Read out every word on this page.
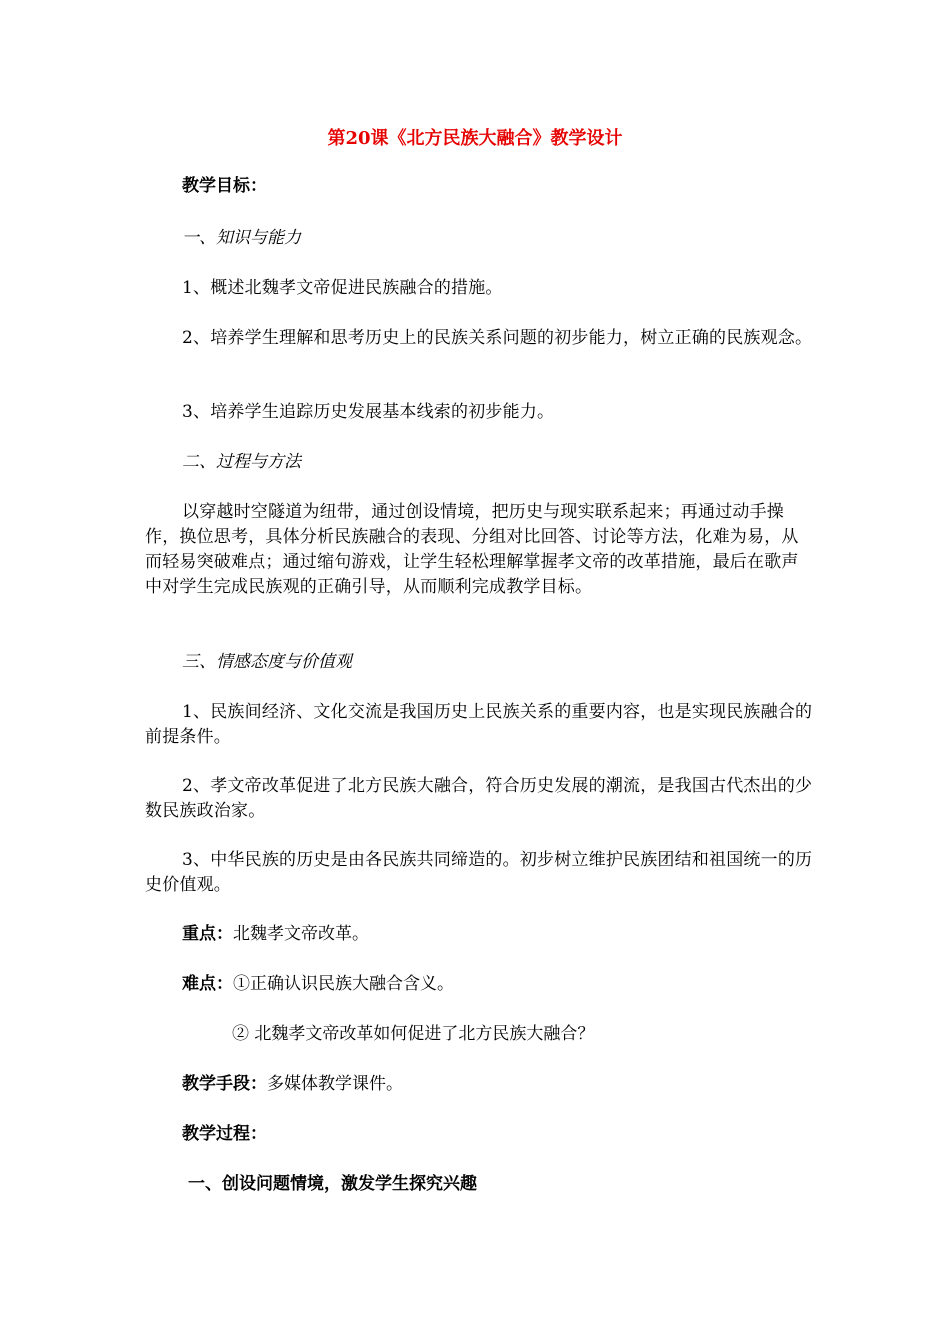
第20课《北方民族大融合》教学设计
教学目标：
一、知识与能力
1、概述北魏孝文帝促进民族融合的措施。
2、培养学生理解和思考历史上的民族关系问题的初步能力，树立正确的民族观念。
3、培养学生追踪历史发展基本线索的初步能力。
二、过程与方法
以穿越时空隧道为纽带，通过创设情境，把历史与现实联系起来；再通过动手操作，换位思考，具体分析民族融合的表现、分组对比回答、讨论等方法，化难为易，从而轻易突破难点；通过缩句游戏，让学生轻松理解掌握孝文帝的改革措施，最后在歌声中对学生完成民族观的正确引导，从而顺利完成教学目标。
三、情感态度与价值观
1、民族间经济、文化交流是我国历史上民族关系的重要内容，也是实现民族融合的前提条件。
2、孝文帝改革促进了北方民族大融合，符合历史发展的潮流，是我国古代杰出的少数民族政治家。
3、中华民族的历史是由各民族共同缔造的。初步树立维护民族团结和祖国统一的历史价值观。
重点：北魏孝文帝改革。
难点：①正确认识民族大融合含义。
② 北魏孝文帝改革如何促进了北方民族大融合？
教学手段：多媒体教学课件。
教学过程：
一、创设问题情境，激发学生探究兴趣
